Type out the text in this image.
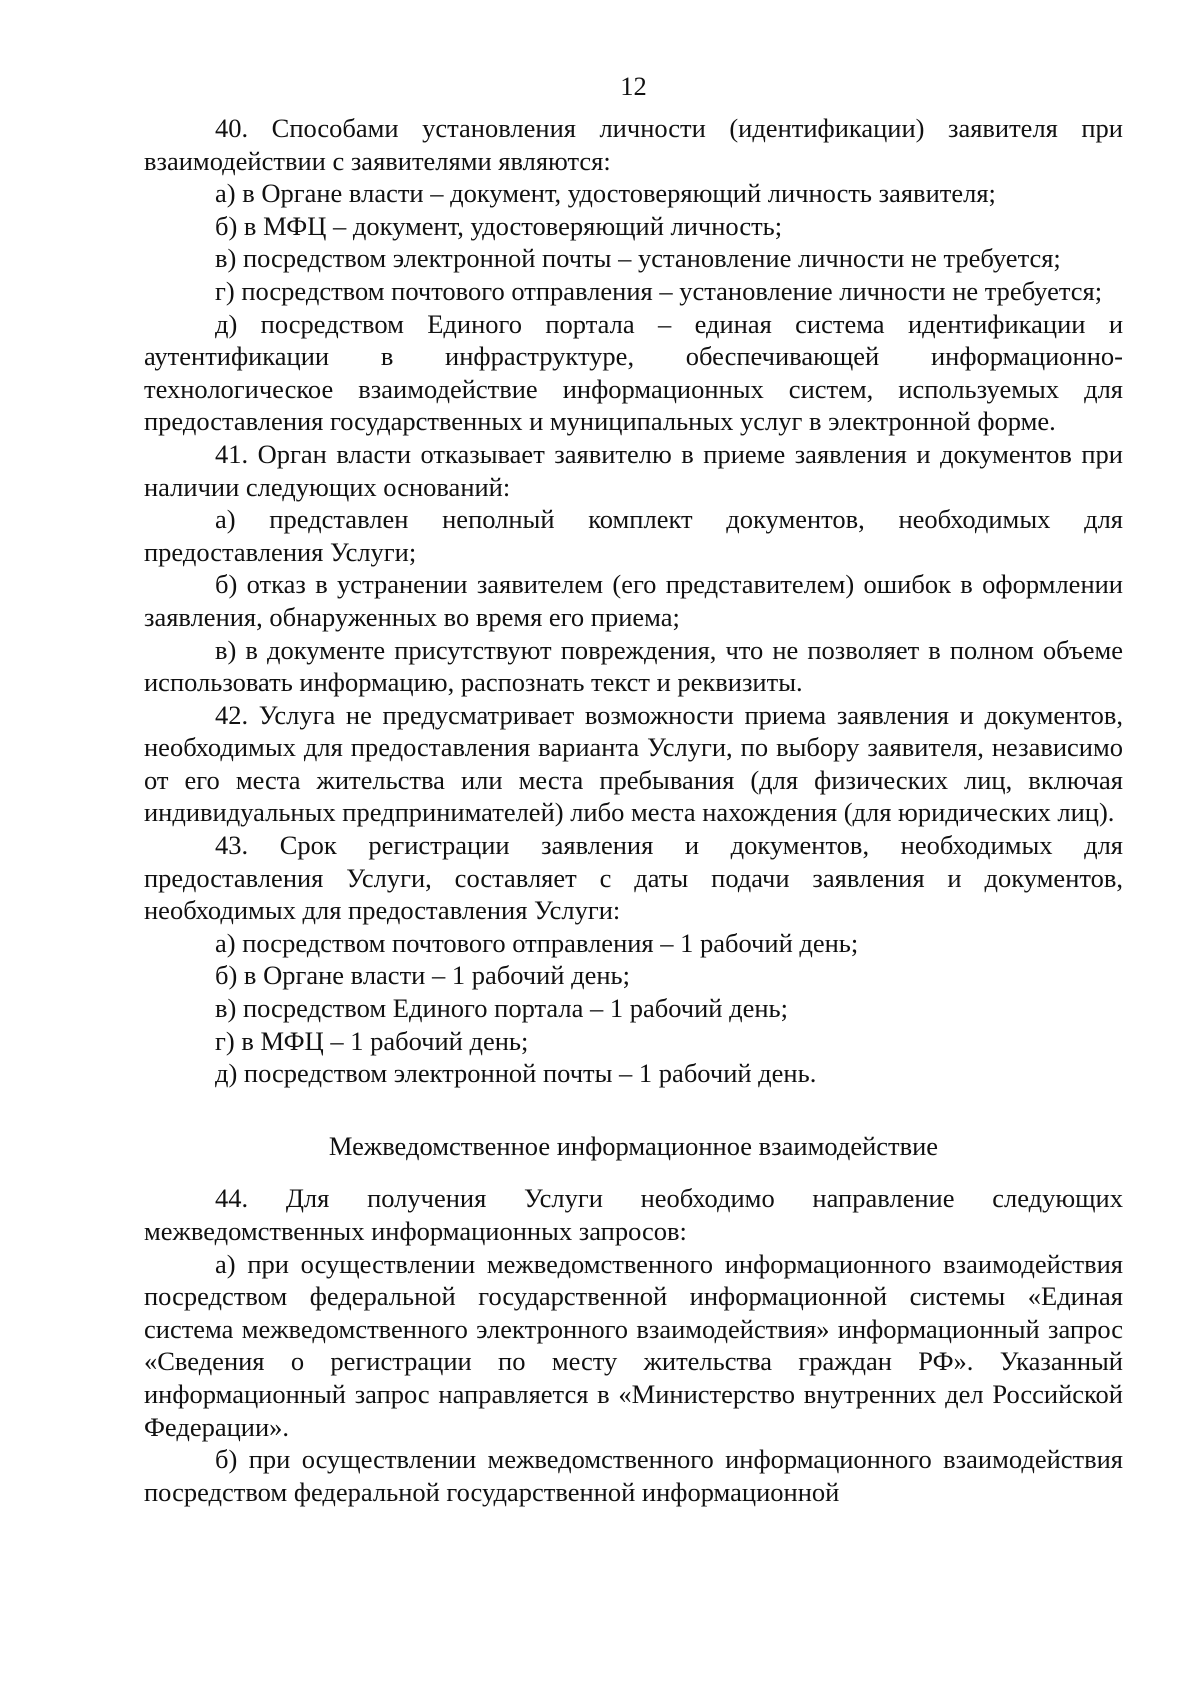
12

40. Способами установления личности (идентификации) заявителя при взаимодействии с заявителями являются:

а) в Органе власти – документ, удостоверяющий личность заявителя;

б) в МФЦ – документ, удостоверяющий личность;

в) посредством электронной почты – установление личности не требуется;

г) посредством почтового отправления – установление личности не требуется;

д) посредством Единого портала – единая система идентификации и аутентификации в инфраструктуре, обеспечивающей информационно-технологическое взаимодействие информационных систем, используемых для предоставления государственных и муниципальных услуг в электронной форме.

41. Орган власти отказывает заявителю в приеме заявления и документов при наличии следующих оснований:

а) представлен неполный комплект документов, необходимых для предоставления Услуги;

б) отказ в устранении заявителем (его представителем) ошибок в оформлении заявления, обнаруженных во время его приема;

в) в документе присутствуют повреждения, что не позволяет в полном объеме использовать информацию, распознать текст и реквизиты.

42. Услуга не предусматривает возможности приема заявления и документов, необходимых для предоставления варианта Услуги, по выбору заявителя, независимо от его места жительства или места пребывания (для физических лиц, включая индивидуальных предпринимателей) либо места нахождения (для юридических лиц).

43. Срок регистрации заявления и документов, необходимых для предоставления Услуги, составляет с даты подачи заявления и документов, необходимых для предоставления Услуги:

а) посредством почтового отправления – 1 рабочий день;

б) в Органе власти – 1 рабочий день;

в) посредством Единого портала – 1 рабочий день;

г) в МФЦ – 1 рабочий день;

д) посредством электронной почты – 1 рабочий день.

Межведомственное информационное взаимодействие

44. Для получения Услуги необходимо направление следующих межведомственных информационных запросов:

а) при осуществлении межведомственного информационного взаимодействия посредством федеральной государственной информационной системы «Единая система межведомственного электронного взаимодействия» информационный запрос «Сведения о регистрации по месту жительства граждан РФ». Указанный информационный запрос направляется в «Министерство внутренних дел Российской Федерации».

б) при осуществлении межведомственного информационного взаимодействия посредством федеральной государственной информационной
